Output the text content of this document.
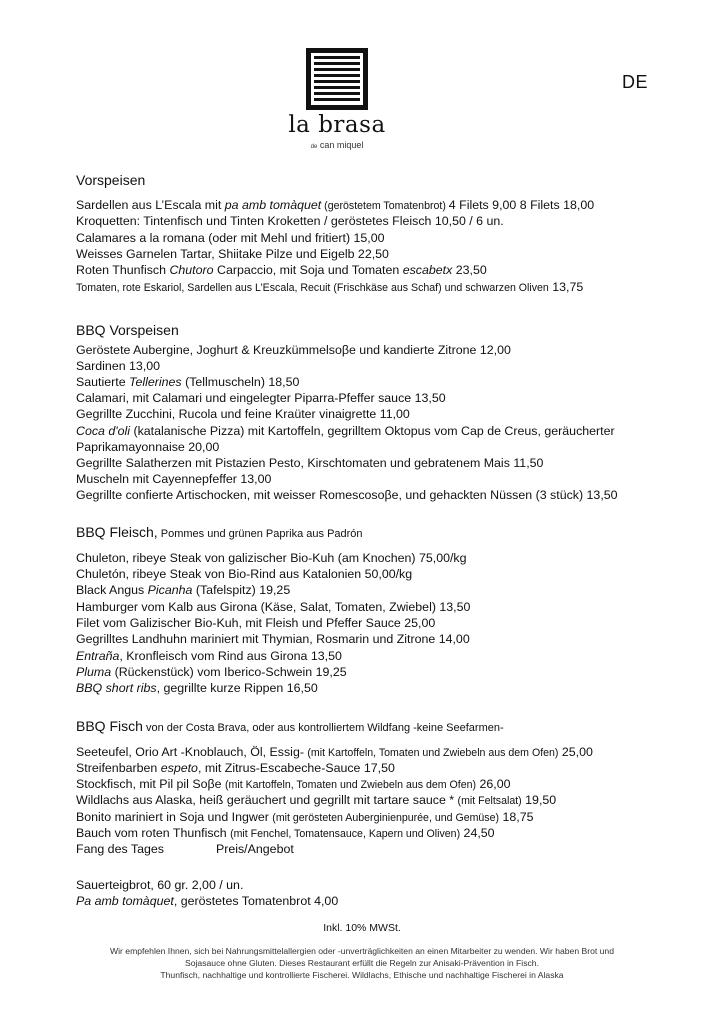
DE
la brasa
de can miquel
Vorspeisen
Sardellen aus L’Escala mit pa amb tomàquet (geröstetem Tomatenbrot) 4 Filets 9,00 8 Filets 18,00
Kroquetten: Tintenfisch und Tinten Kroketten / geröstetes Fleisch 10,50 / 6 un.
Calamares a la romana (oder mit Mehl und fritiert) 15,00
Weisses Garnelen Tartar, Shiitake Pilze und Eigelb 22,50
Roten Thunfisch Chutoro Carpaccio, mit Soja und Tomaten escabetx 23,50
Tomaten, rote Eskariol, Sardellen aus L’Escala, Recuit (Frischkäse aus Schaf) und schwarzen Oliven 13,75
BBQ Vorspeisen
Geröstete Aubergine, Joghurt & Kreuzkümmelsoβe und kandierte Zitrone 12,00
Sardinen 13,00
Sautierte Tellerines (Tellmuscheln) 18,50
Calamari, mit Calamari und eingelegter Piparra-Pfeffer sauce 13,50
Gegrillte Zucchini, Rucola und feine Kraüter vinaigrette 11,00
Coca d'oli (katalanische Pizza) mit Kartoffeln, gegrilltem Oktopus vom Cap de Creus, geräucherter
Paprikamayonnaise 20,00
Gegrillte Salatherzen mit Pistazien Pesto, Kirschtomaten und gebratenem Mais 11,50
Muscheln mit Cayennepfeffer 13,00
Gegrillte confierte Artischocken, mit weisser Romescosoβe, und gehackten Nüssen (3 stück) 13,50
BBQ Fleisch, Pommes und grünen Paprika aus Padrón
Chuleton, ribeye Steak von galizischer Bio-Kuh (am Knochen) 75,00/kg
Chuletón, ribeye Steak von Bio-Rind aus Katalonien 50,00/kg
Black Angus Picanha (Tafelspitz) 19,25
Hamburger vom Kalb aus Girona (Käse, Salat, Tomaten, Zwiebel) 13,50
Filet vom Galizischer Bio-Kuh, mit Fleish und Pfeffer Sauce 25,00
Gegrilltes Landhuhn mariniert mit Thymian, Rosmarin und Zitrone 14,00
Entraña, Kronfleisch vom Rind aus Girona 13,50
Pluma (Rückenstück) vom Iberico-Schwein 19,25
BBQ short ribs, gegrillte kurze Rippen 16,50
BBQ Fisch von der Costa Brava, oder aus kontrolliertem Wildfang -keine Seefarmen-
Seeteufel, Orio Art -Knoblauch, Öl, Essig- (mit Kartoffeln, Tomaten und Zwiebeln aus dem Ofen) 25,00
Streifenbarben espeto, mit Zitrus-Escabeche-Sauce 17,50
Stockfisch, mit Pil pil Soβe (mit Kartoffeln, Tomaten und Zwiebeln aus dem Ofen) 26,00
Wildlachs aus Alaska, heiß geräuchert und gegrillt mit tartare sauce * (mit Feltsalat) 19,50
Bonito mariniert in Soja und Ingwer (mit gerösteten Auberginienpurée, und Gemüse) 18,75
Bauch vom roten Thunfisch (mit Fenchel, Tomatensauce, Kapern und Oliven) 24,50
Fang des Tages	Preis/Angebot
Sauerteigbrot, 60 gr. 2,00 / un.
Pa amb tomàquet, geröstetes Tomatenbrot 4,00
Inkl. 10% MWSt.
Wir empfehlen Ihnen, sich bei Nahrungsmittelallergien oder -unverträglichkeiten an einen Mitarbeiter zu wenden. Wir haben Brot und
Sojasauce ohne Gluten. Dieses Restaurant erfüllt die Regeln zur Anisaki-Prävention in Fisch.
Thunfisch, nachhaltige und kontrollierte Fischerei. Wildlachs, Ethische und nachhaltige Fischerei in Alaska
